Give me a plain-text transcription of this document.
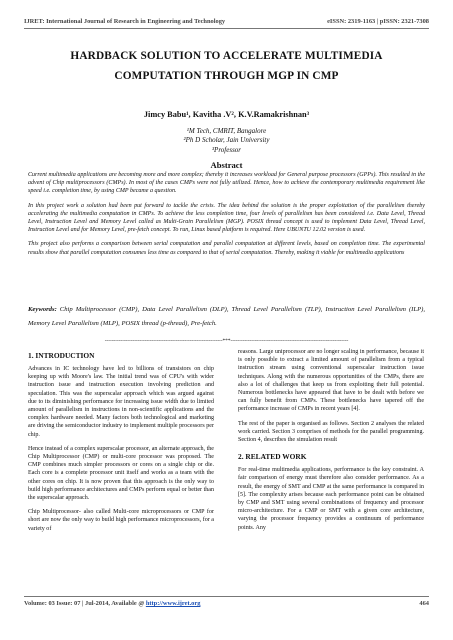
IJRET: International Journal of Research in Engineering and Technology	eISSN: 2319-1163 | pISSN: 2321-7308
HARDBACK SOLUTION TO ACCELERATE MULTIMEDIA
COMPUTATION THROUGH MGP IN CMP
Jimcy Babu¹, Kavitha .V², K.V.Ramakrishnan³
¹M Tech, CMRIT, Bangalore
²Ph D Scholar, Jain University
³Professor
Abstract

Current multimedia applications are becoming more and more complex; thereby it increases workload for General purpose processors (GPPs). This resulted in the advent of Chip multiprocessors (CMPs). In most of the cases CMPs were not fully utilized. Hence, how to achieve the contemporary multimedia requirement like speed i.e. completion time, by using CMP became a question.

In this project work a solution had been put forward to tackle the crisis. The idea behind the solution is the proper exploitation of the parallelism thereby accelerating the multimedia computation in CMPs. To achieve the less completion time, four levels of parallelism has been considered i.e. Data Level, Thread Level, Instruction Level and Memory Level called as Multi-Grain Parallelism (MGP). POSIX thread concept is used to implement Data Level, Thread Level, Instruction Level and for Memory Level, pre-fetch concept. To run, Linux based platform is required. Here UBUNTU 12.02 version is used.

This project also performs a comparison between serial computation and parallel computation at different levels, based on completion time. The experimental results show that parallel computation consumes less time as compared to that of serial computation. Thereby, making it viable for multimedia applications

Keywords: Chip Multiprocessor (CMP), Data Level Parallelism (DLP), Thread Level Parallelism (TLP), Instruction Level Parallelism (ILP), Memory Level Parallelism (MLP), POSIX thread (p-thread), Pre-fetch.
--------------------------------------------------------------------***--------------------------------------------------------------------
1. INTRODUCTION

Advances in IC technology have led to billions of transistors on chip keeping up with Moore's law. The initial trend was of CPU's with wider instruction issue and instruction execution involving prediction and speculation. This was the superscalar approach which was argued against due to its diminishing performance for increasing issue width due to limited amount of parallelism in instructions in non-scientific applications and the complex hardware needed. Many factors both technological and marketing are driving the semiconductor industry to implement multiple processors per chip.

Hence instead of a complex superscalar processor, an alternate approach, the Chip Multiprocessor (CMP) or multi-core processor was proposed. The CMP combines much simpler processors or cores on a single chip or die. Each core is a complete processor unit itself and works as a team with the other cores on chip. It is now proven that this approach is the only way to build high performance architectures and CMPs perform equal or better than the superscalar approach.

Chip Multiprocessor- also called Multi-core microprocessors or CMP for short are now the only way to build high performance microprocessors, for a variety of

reasons. Large uniprocessor are no longer scaling in performance, because it is only possible to extract a limited amount of parallelism from a typical instruction stream using conventional superscalar instruction issue techniques. Along with the numerous opportunities of the CMPs, there are also a lot of challenges that keep us from exploiting their full potential. Numerous bottlenecks have appeared that have to be dealt with before we can fully benefit from CMPs. These bottlenecks have tapered off the performance increase of CMPs in recent years [4].

The rest of the paper is organised as follows. Section 2 analyses the related work carried. Section 3 comprises of methods for the parallel programming. Section 4, describes the simulation result

2. RELATED WORK

For real-time multimedia applications, performance is the key constraint. A fair comparison of energy must therefore also consider performance. As a result, the energy of SMT and CMP at the same performance is compared in [5]. The complexity arises because each performance point can be obtained by CMP and SMT using several combinations of frequency and processor micro-architecture. For a CMP or SMT with a given core architecture, varying the processor frequency provides a continuum of performance points. Any

Volume: 03 Issue: 07 | Jul-2014, Available @ http://www.ijret.org	464
